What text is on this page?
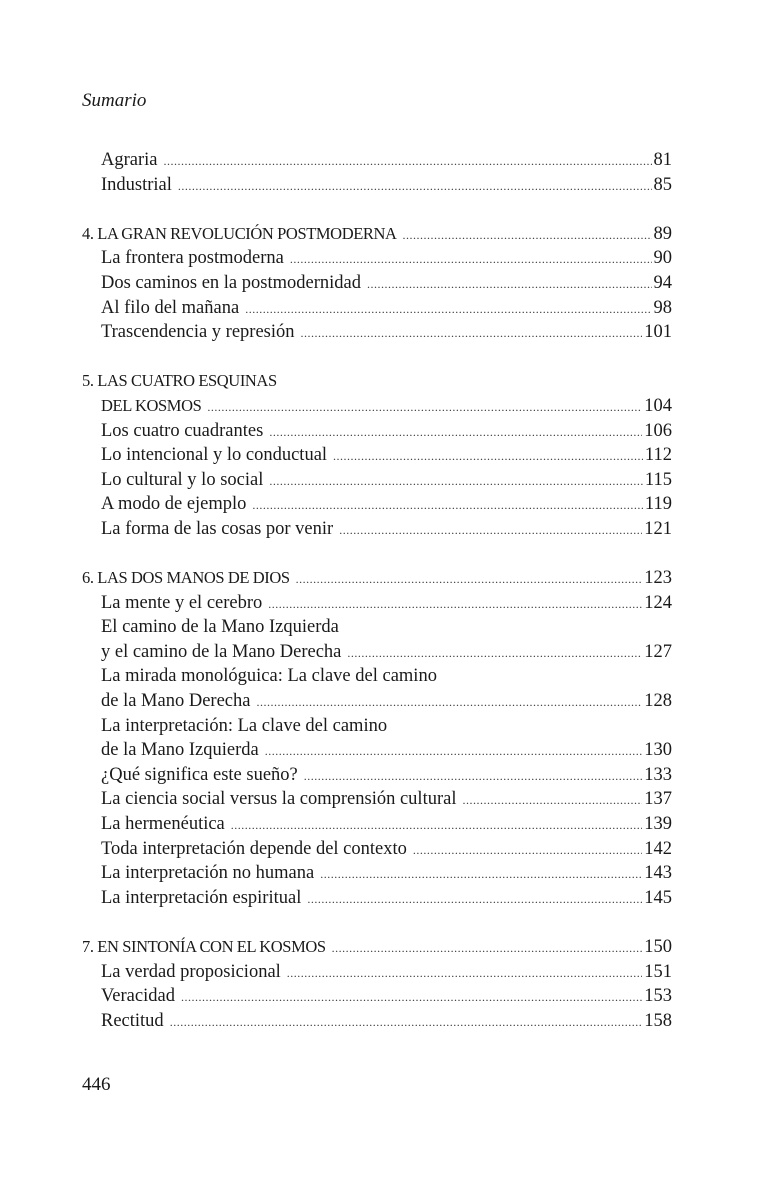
Sumario
Agraria .....	81
Industrial .....	85
4. LA GRAN REVOLUCIÓN POSTMODERNA .....	89
La frontera postmoderna .....	90
Dos caminos en la postmodernidad .....	94
Al filo del mañana .....	98
Trascendencia y represión .....	101
5. LAS CUATRO ESQUINAS
DEL KOSMOS .....	104
Los cuatro cuadrantes .....	106
Lo intencional y lo conductual .....	112
Lo cultural y lo social .....	115
A modo de ejemplo .....	119
La forma de las cosas por venir .....	121
6. LAS DOS MANOS DE DIOS .....	123
La mente y el cerebro .....	124
El camino de la Mano Izquierda
y el camino de la Mano Derecha .....	127
La mirada monológuica: La clave del camino
de la Mano Derecha .....	128
La interpretación: La clave del camino
de la Mano Izquierda .....	130
¿Qué significa este sueño? .....	133
La ciencia social versus la comprensión cultural .....	137
La hermenéutica .....	139
Toda interpretación depende del contexto .....	142
La interpretación no humana .....	143
La interpretación espiritual .....	145
7. EN SINTONÍA CON EL KOSMOS .....	150
La verdad proposicional .....	151
Veracidad .....	153
Rectitud .....	158
446
